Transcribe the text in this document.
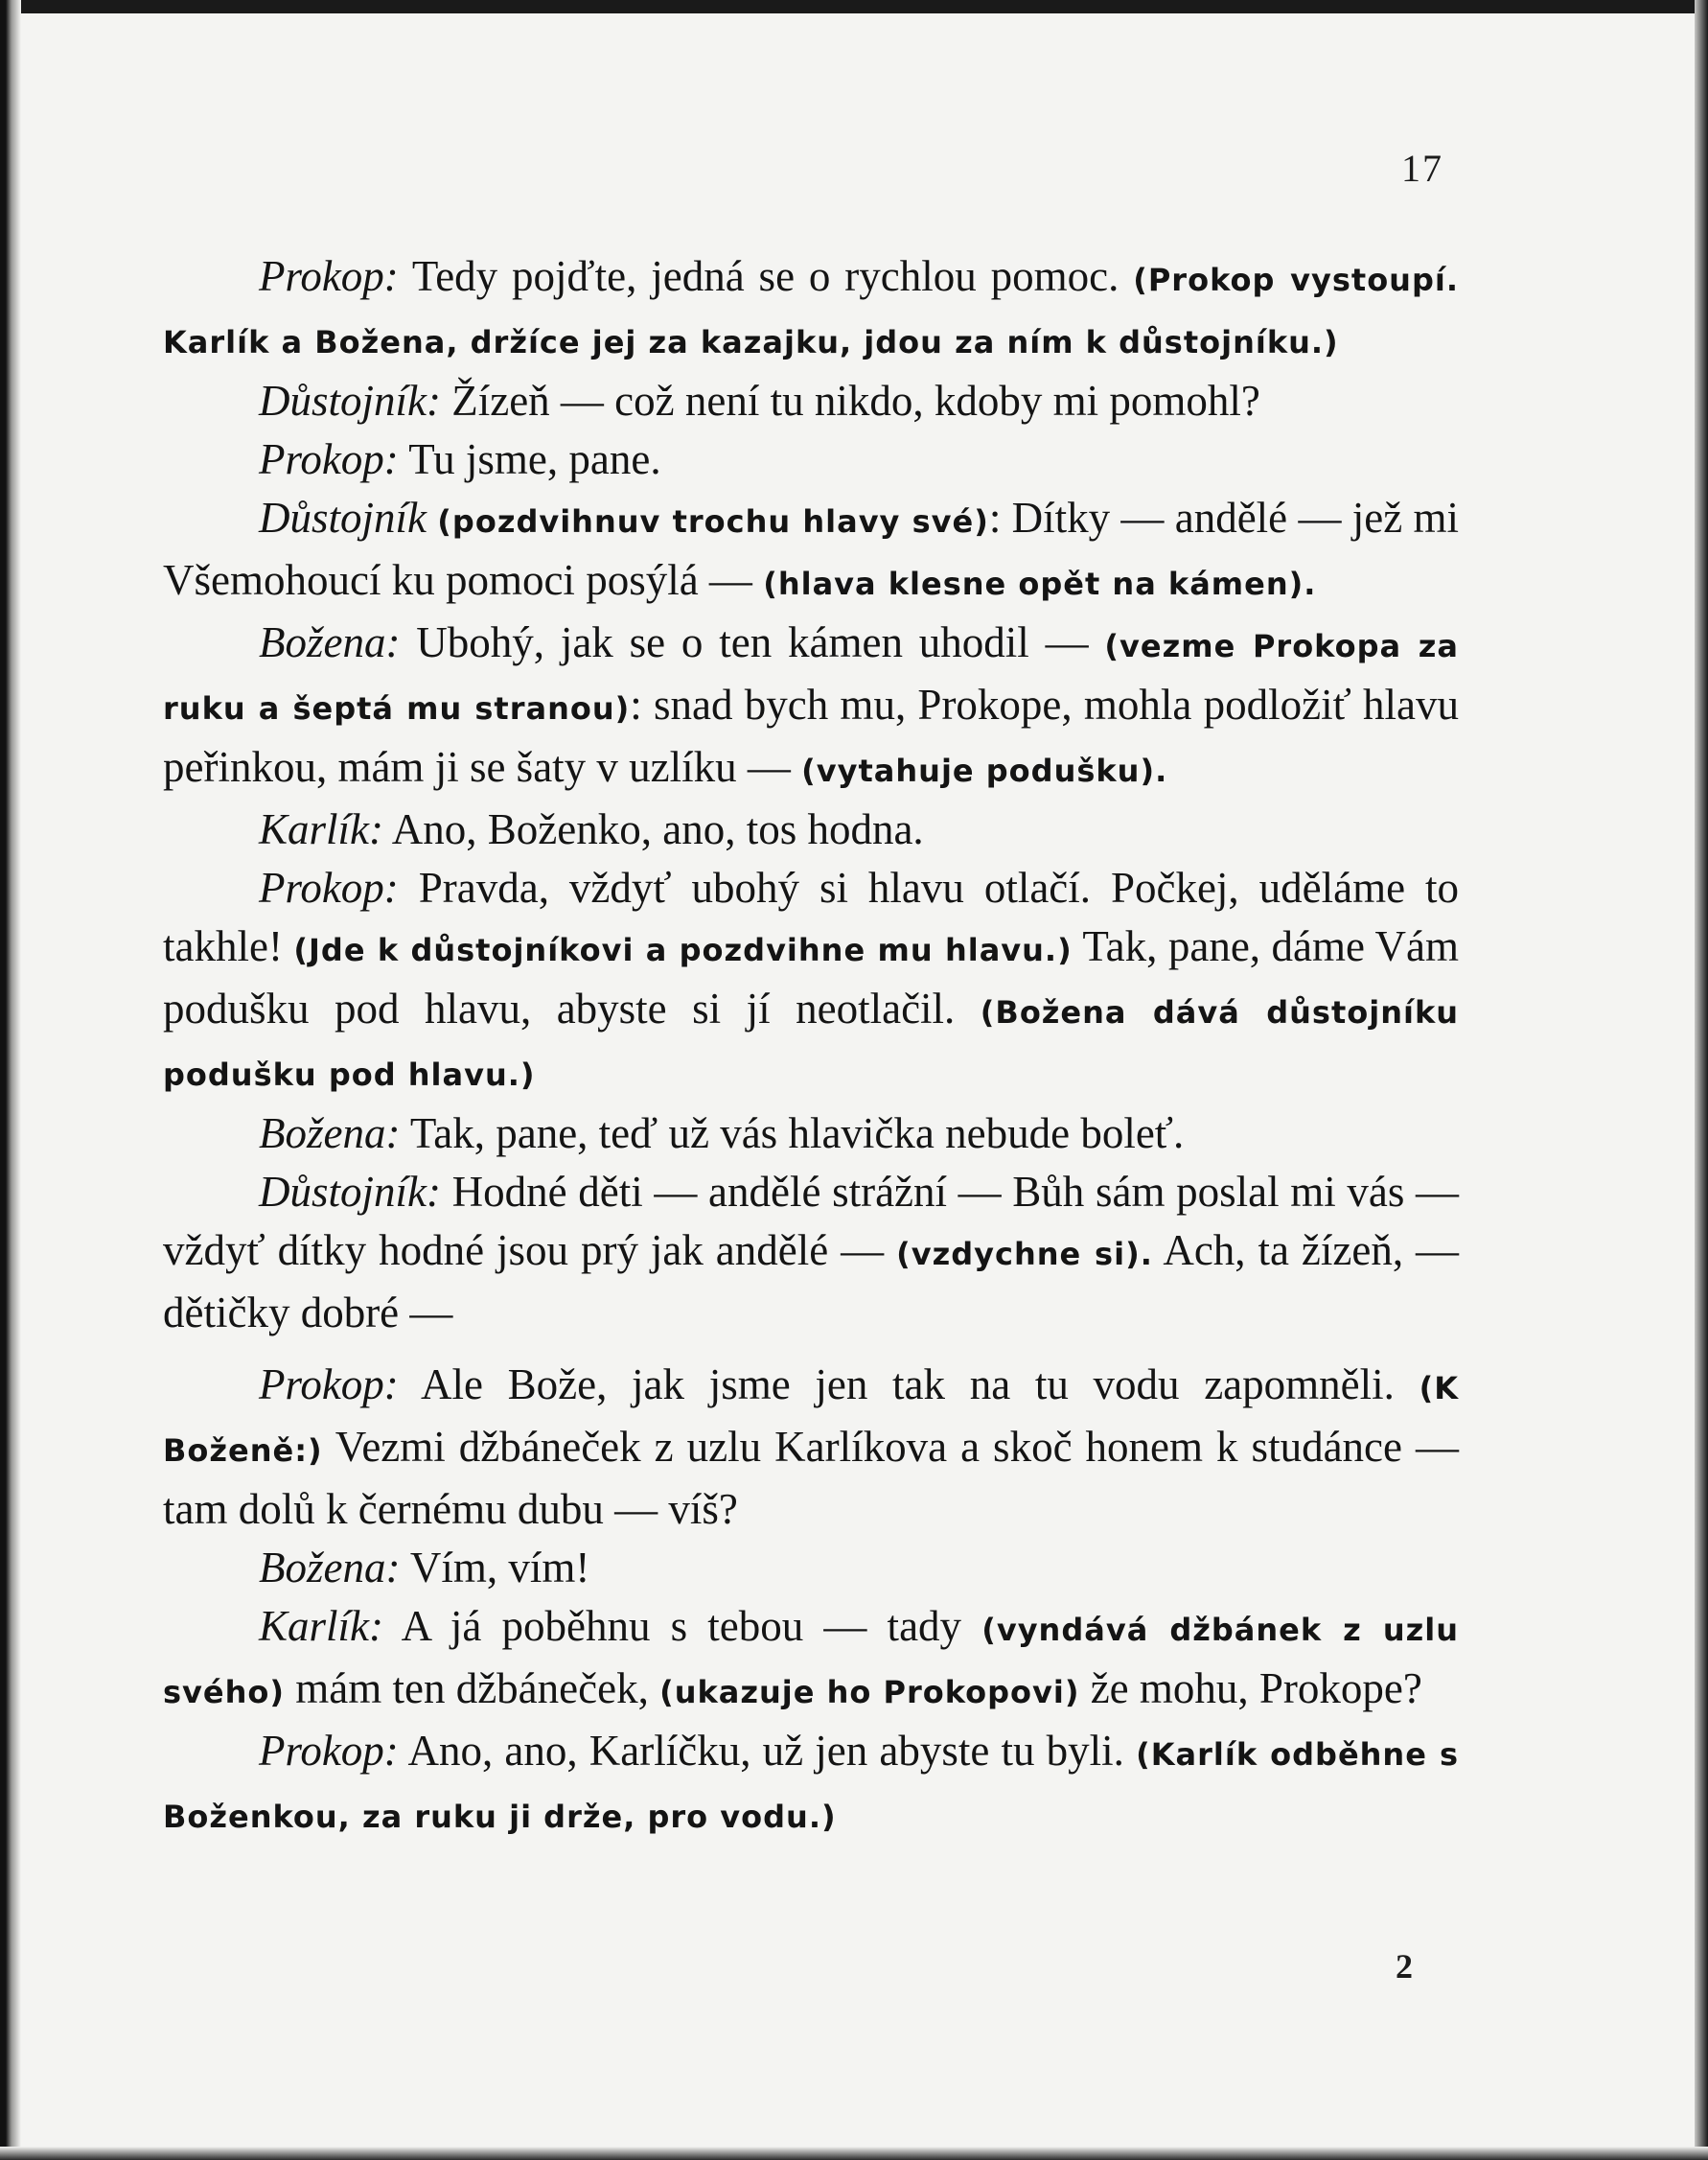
17

Prokop: Tedy pojďte, jedná se o rychlou pomoc. (Prokop vystoupí. Karlík a Božena, držíce jej za kazajku, jdou za ním k důstojníku.)

Důstojník: Žízeň — což není tu nikdo, kdoby mi pomohl?

Prokop: Tu jsme, pane.

Důstojník (pozdvihnuv trochu hlavy své): Dítky — andělé — jež mi Všemohoucí ku pomoci posýlá — (hlava klesne opět na kámen).

Božena: Ubohý, jak se o ten kámen uhodil — (vezme Prokopa za ruku a šeptá mu stranou): snad bych mu, Prokope, mohla podložiť hlavu peřinkou, mám ji se šaty v uzlíku — (vytahuje podušku).

Karlík: Ano, Boženko, ano, tos hodna.

Prokop: Pravda, vždyť ubohý si hlavu otlačí. Počkej, uděláme to takhle! (Jde k důstojníkovi a pozdvihne mu hlavu.) Tak, pane, dáme Vám podušku pod hlavu, abyste si jí neotlačil. (Božena dává důstojníku podušku pod hlavu.)

Božena: Tak, pane, teď už vás hlavička nebude boleť.

Důstojník: Hodné děti — andělé strážní — Bůh sám poslal mi vás — vždyť dítky hodné jsou prý jak andělé — (vzdychne si). Ach, ta žízeň, — dětičky dobré —

Prokop: Ale Bože, jak jsme jen tak na tu vodu zapomněli. (K Boženě:) Vezmi džbáneček z uzlu Karlíkova a skoč honem k studánce — tam dolů k černému dubu — víš?

Božena: Vím, vím!

Karlík: A já poběhnu s tebou — tady (vyndává džbánek z uzlu svého) mám ten džbáneček, (ukazuje ho Prokopovi) že mohu, Prokope?

Prokop: Ano, ano, Karlíčku, už jen abyste tu byli. (Karlík odběhne s Boženkou, za ruku ji drže, pro vodu.)

2
